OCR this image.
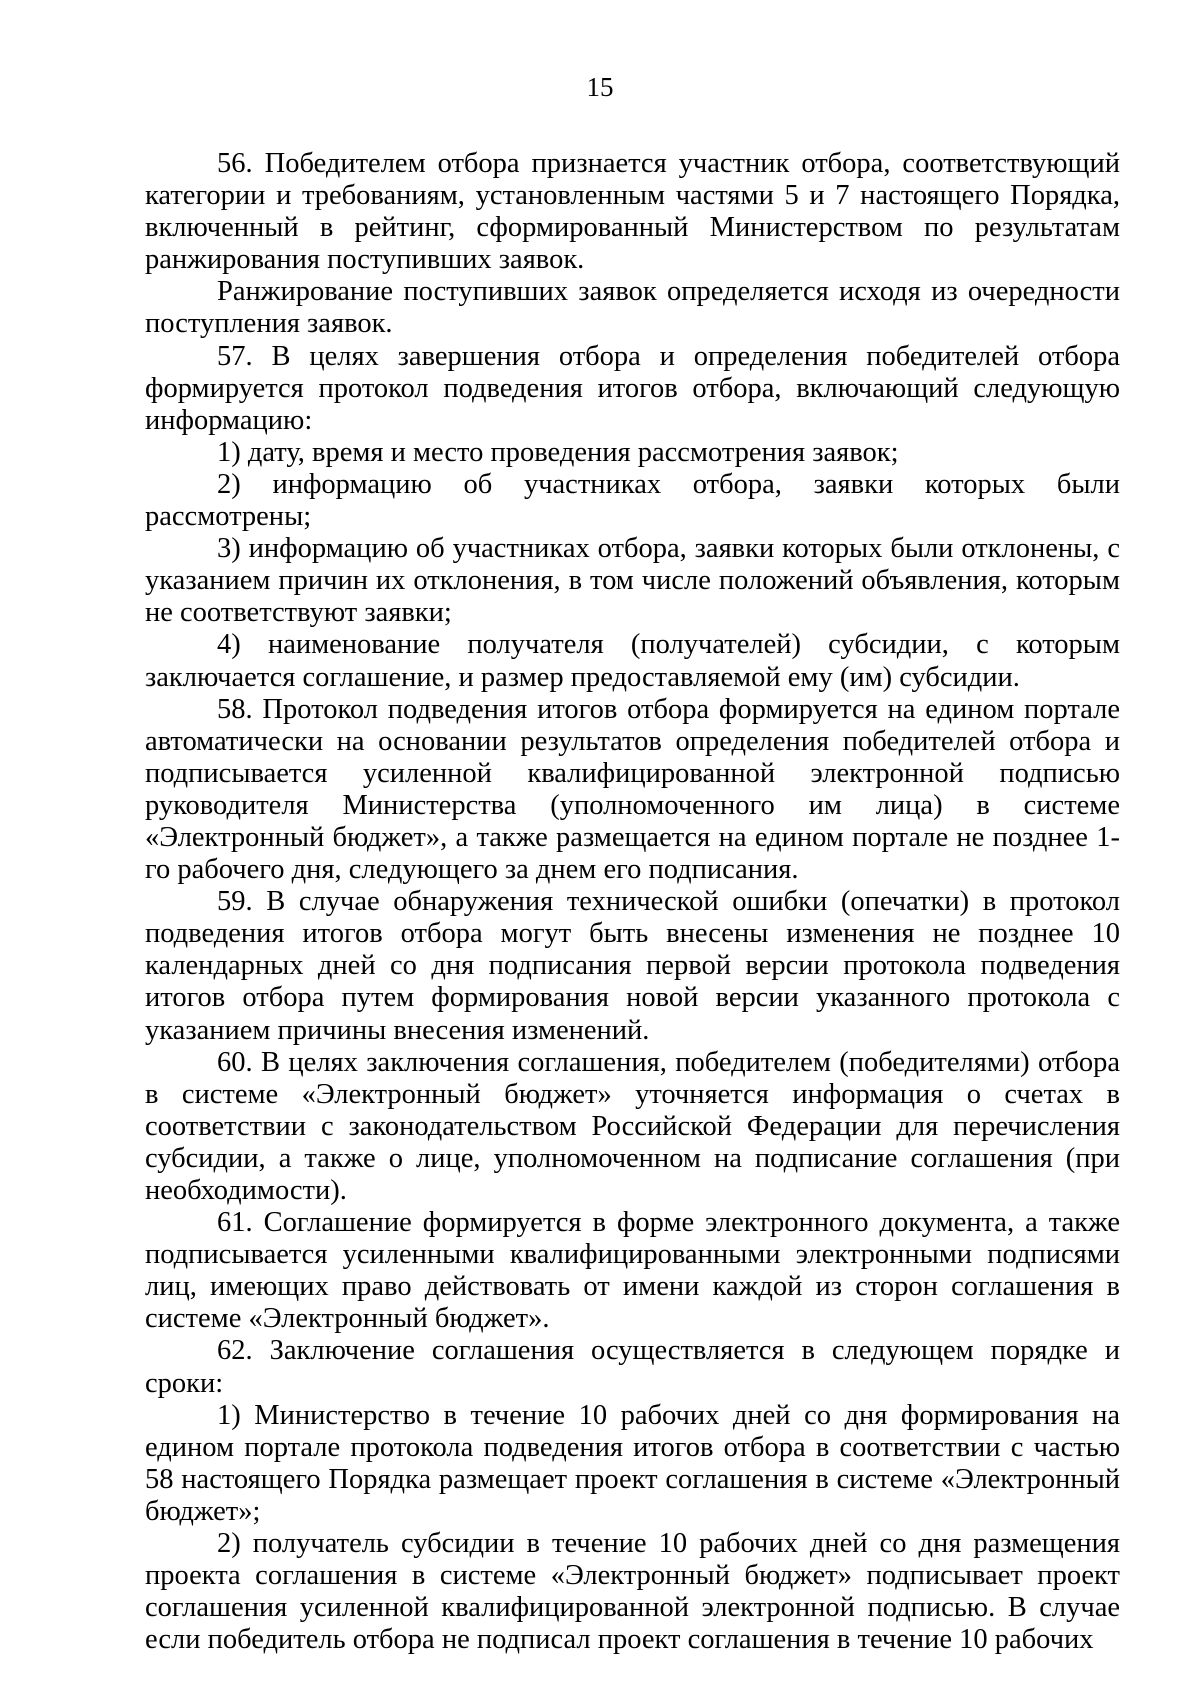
15

56. Победителем отбора признается участник отбора, соответствующий категории и требованиям, установленным частями 5 и 7 настоящего Порядка, включенный в рейтинг, сформированный Министерством по результатам ранжирования поступивших заявок.

Ранжирование поступивших заявок определяется исходя из очередности поступления заявок.

57. В целях завершения отбора и определения победителей отбора формируется протокол подведения итогов отбора, включающий следующую информацию:

1) дату, время и место проведения рассмотрения заявок;

2) информацию об участниках отбора, заявки которых были рассмотрены;

3) информацию об участниках отбора, заявки которых были отклонены, с указанием причин их отклонения, в том числе положений объявления, которым не соответствуют заявки;

4) наименование получателя (получателей) субсидии, с которым заключается соглашение, и размер предоставляемой ему (им) субсидии.

58. Протокол подведения итогов отбора формируется на едином портале автоматически на основании результатов определения победителей отбора и подписывается усиленной квалифицированной электронной подписью руководителя Министерства (уполномоченного им лица) в системе «Электронный бюджет», а также размещается на едином портале не позднее 1-го рабочего дня, следующего за днем его подписания.

59. В случае обнаружения технической ошибки (опечатки) в протокол подведения итогов отбора могут быть внесены изменения не позднее 10 календарных дней со дня подписания первой версии протокола подведения итогов отбора путем формирования новой версии указанного протокола с указанием причины внесения изменений.

60. В целях заключения соглашения, победителем (победителями) отбора в системе «Электронный бюджет» уточняется информация о счетах в соответствии с законодательством Российской Федерации для перечисления субсидии, а также о лице, уполномоченном на подписание соглашения (при необходимости).

61. Соглашение формируется в форме электронного документа, а также подписывается усиленными квалифицированными электронными подписями лиц, имеющих право действовать от имени каждой из сторон соглашения в системе «Электронный бюджет».

62. Заключение соглашения осуществляется в следующем порядке и сроки:

1) Министерство в течение 10 рабочих дней со дня формирования на едином портале протокола подведения итогов отбора в соответствии с частью 58 настоящего Порядка размещает проект соглашения в системе «Электронный бюджет»;

2) получатель субсидии в течение 10 рабочих дней со дня размещения проекта соглашения в системе «Электронный бюджет» подписывает проект соглашения усиленной квалифицированной электронной подписью. В случае если победитель отбора не подписал проект соглашения в течение 10 рабочих
